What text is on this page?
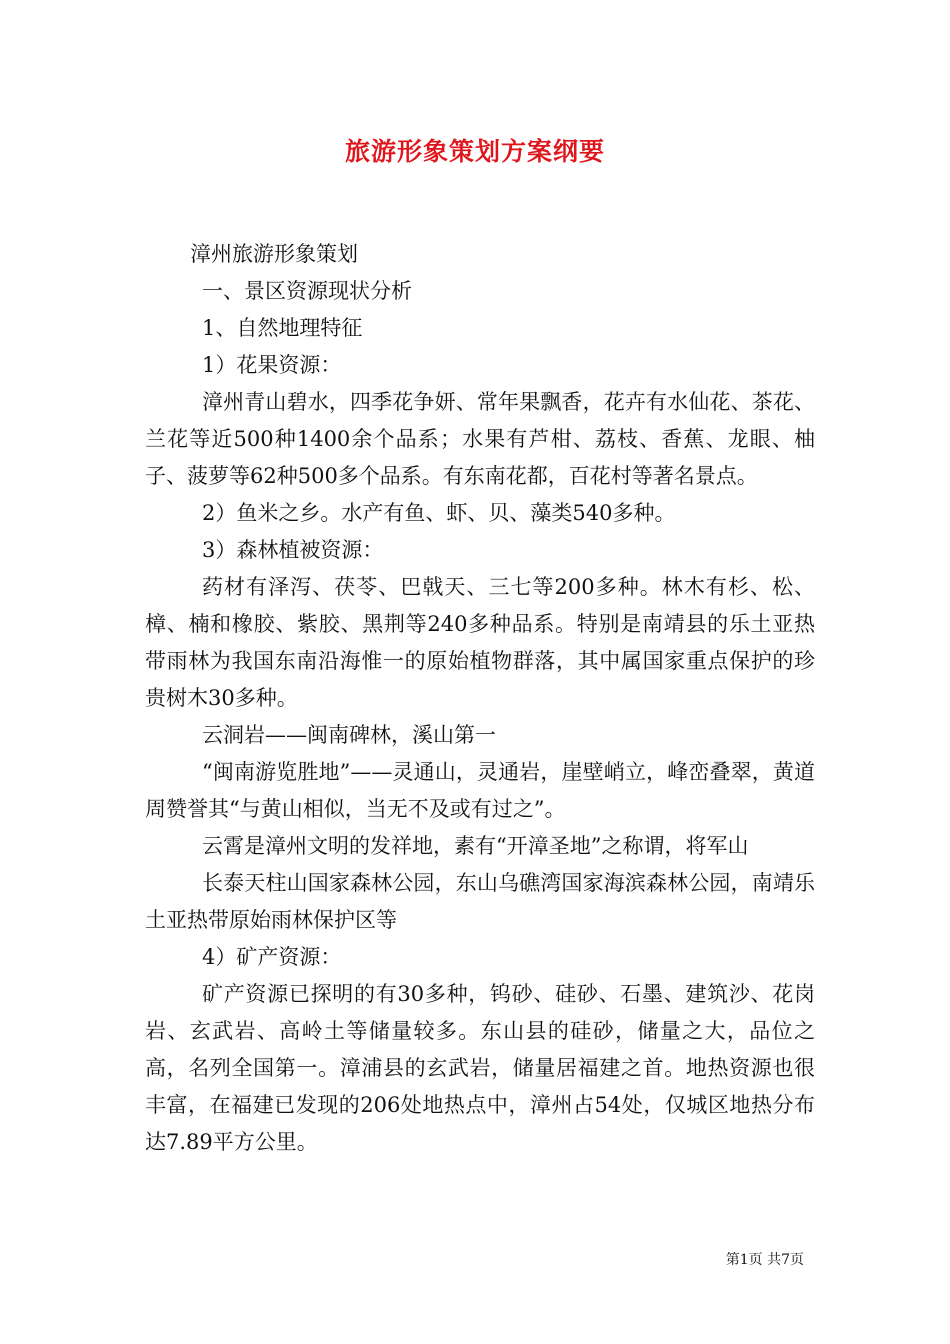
旅游形象策划方案纲要

漳州旅游形象策划

一、景区资源现状分析

1、自然地理特征

1）花果资源：

漳州青山碧水，四季花争妍、常年果飘香，花卉有水仙花、茶花、兰花等近500种1400余个品系；水果有芦柑、荔枝、香蕉、龙眼、柚子、菠萝等62种500多个品系。有东南花都，百花村等著名景点。

2）鱼米之乡。水产有鱼、虾、贝、藻类540多种。

3）森林植被资源：

药材有泽泻、茯苓、巴戟天、三七等200多种。林木有杉、松、樟、楠和橡胶、紫胶、黑荆等240多种品系。特别是南靖县的乐土亚热带雨林为我国东南沿海惟一的原始植物群落，其中属国家重点保护的珍贵树木30多种。

云洞岩——闽南碑林，溪山第一

“闽南游览胜地”——灵通山，灵通岩，崖壁峭立，峰峦叠翠，黄道周赞誉其“与黄山相似，当无不及或有过之”。

云霄是漳州文明的发祥地，素有“开漳圣地”之称谓，将军山

长泰天柱山国家森林公园，东山乌礁湾国家海滨森林公园，南靖乐土亚热带原始雨林保护区等

4）矿产资源：

矿产资源已探明的有30多种，钨砂、硅砂、石墨、建筑沙、花岗岩、玄武岩、高岭土等储量较多。东山县的硅砂，储量之大，品位之高，名列全国第一。漳浦县的玄武岩，储量居福建之首。地热资源也很丰富，在福建已发现的206处地热点中，漳州占54处，仅城区地热分布达7.89平方公里。

第1页 共7页
